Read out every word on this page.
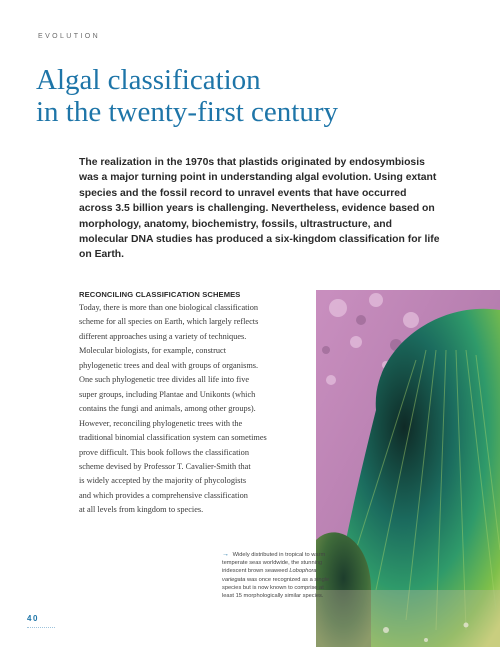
EVOLUTION
Algal classification
in the twenty-first century

The realization in the 1970s that plastids originated by endosymbiosis was a major turning point in understanding algal evolution. Using extant species and the fossil record to unravel events that have occurred across 3.5 billion years is challenging. Nevertheless, evidence based on morphology, anatomy, biochemistry, fossils, ultrastructure, and molecular DNA studies has produced a six-kingdom classification for life on Earth.

RECONCILING CLASSIFICATION SCHEMES
Today, there is more than one biological classification
scheme for all species on Earth, which largely reflects
different approaches using a variety of techniques.
Molecular biologists, for example, construct
phylogenetic trees and deal with groups of organisms.
One such phylogenetic tree divides all life into five
super groups, including Plantae and Unikonts (which
contains the fungi and animals, among other groups).
However, reconciling phylogenetic trees with the
traditional binomial classification system can sometimes
prove difficult. This book follows the classification
scheme devised by Professor T. Cavalier-Smith that
is widely accepted by the majority of phycologists
and which provides a comprehensive classification
at all levels from kingdom to species.
→ Widely distributed in tropical to warm
temperate seas worldwide, the stunning
iridescent brown seaweed Lobophora
variegata was once recognized as a single
species but is now known to comprise at
least 15 morphologically similar species.
40
